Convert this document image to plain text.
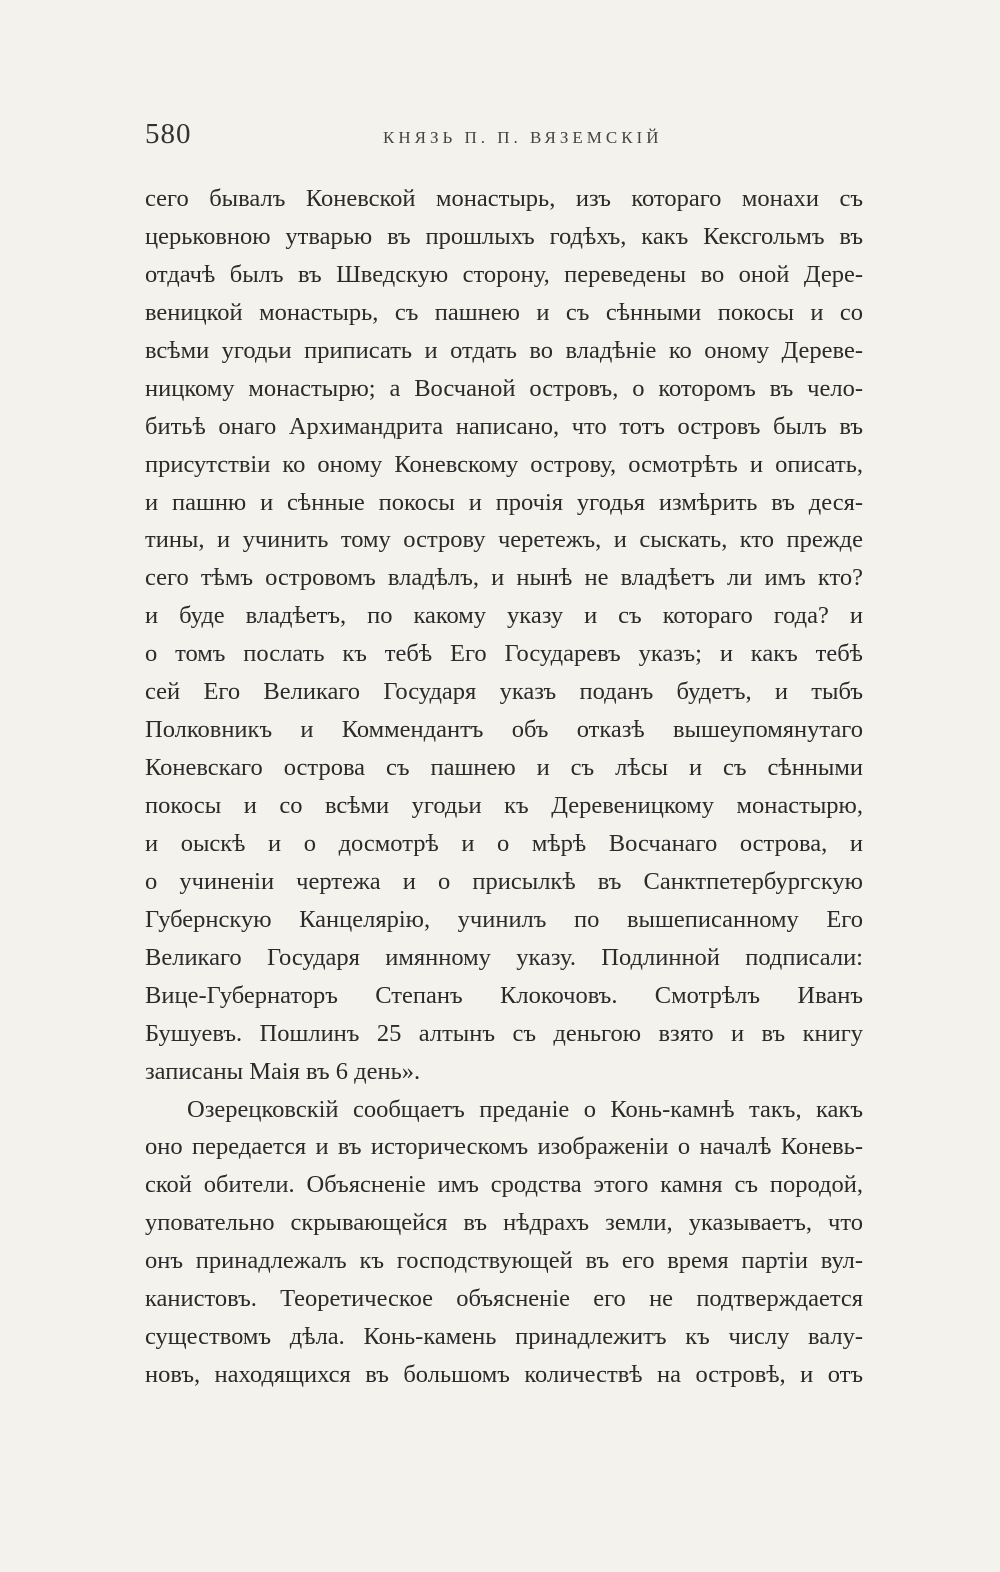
580	КНЯЗЬ П. П. ВЯЗЕМСКІЙ
сего бывалъ Коневской монастырь, изъ котораго монахи съ
церьковною утварью въ прошлыхъ годѣхъ, какъ Кексгольмъ въ
отдачѣ былъ въ Шведскую сторону, переведены во оной Дере-
веницкой монастырь, съ пашнею и съ сѣнными покосы и со
всѣми угодьи приписать и отдать во владѣніе ко оному Дереве-
ницкому монастырю; а Восчаной островъ, о которомъ въ чело-
битьѣ онаго Архимандрита написано, что тотъ островъ былъ въ
присутствіи ко оному Коневскому острову, осмотрѣть и описать,
и пашню и сѣнные покосы и прочія угодья измѣрить въ деся-
тины, и учинить тому острову черетежъ, и сыскать, кто прежде
сего тѣмъ островомъ владѣлъ, и нынѣ не владѣетъ ли имъ кто?
и буде владѣетъ, по какому указу и съ котораго года? и
о томъ послать къ тебѣ Его Государевъ указъ; и какъ тебѣ
сей Его Великаго Государя указъ поданъ будетъ, и тыбъ
Полковникъ и Коммендантъ объ отказѣ вышеупомянутаго
Коневскаго острова съ пашнею и съ лѣсы и съ сѣнными
покосы и со всѣми угодьи къ Деревеницкому монастырю,
и оыскѣ и о досмотрѣ и о мѣрѣ Восчанаго острова, и
о учиненіи чертежа и о присылкѣ въ Санктпетербургскую
Губернскую Канцелярію, учинилъ по вышеписанному Его
Великаго Государя имянному указу. Подлинной подписали:
Вице-Губернаторъ Степанъ Клокочовъ. Смотрѣлъ Иванъ
Бушуевъ. Пошлинъ 25 алтынъ съ деньгою взято и въ книгу
записаны Маія въ 6 день».
Озерецковскій сообщаетъ преданіе о Конь-камнѣ такъ, какъ
оно передается и въ историческомъ изображеніи о началѣ Коневь-
ской обители. Объясненіе имъ сродства этого камня съ породой,
уповательно скрывающейся въ нѣдрахъ земли, указываетъ, что
онъ принадлежалъ къ господствующей въ его время партіи вул-
канистовъ. Теоретическое объясненіе его не подтверждается
существомъ дѣла. Конь-камень принадлежитъ къ числу валу-
новъ, находящихся въ большомъ количествѣ на островѣ, и отъ
